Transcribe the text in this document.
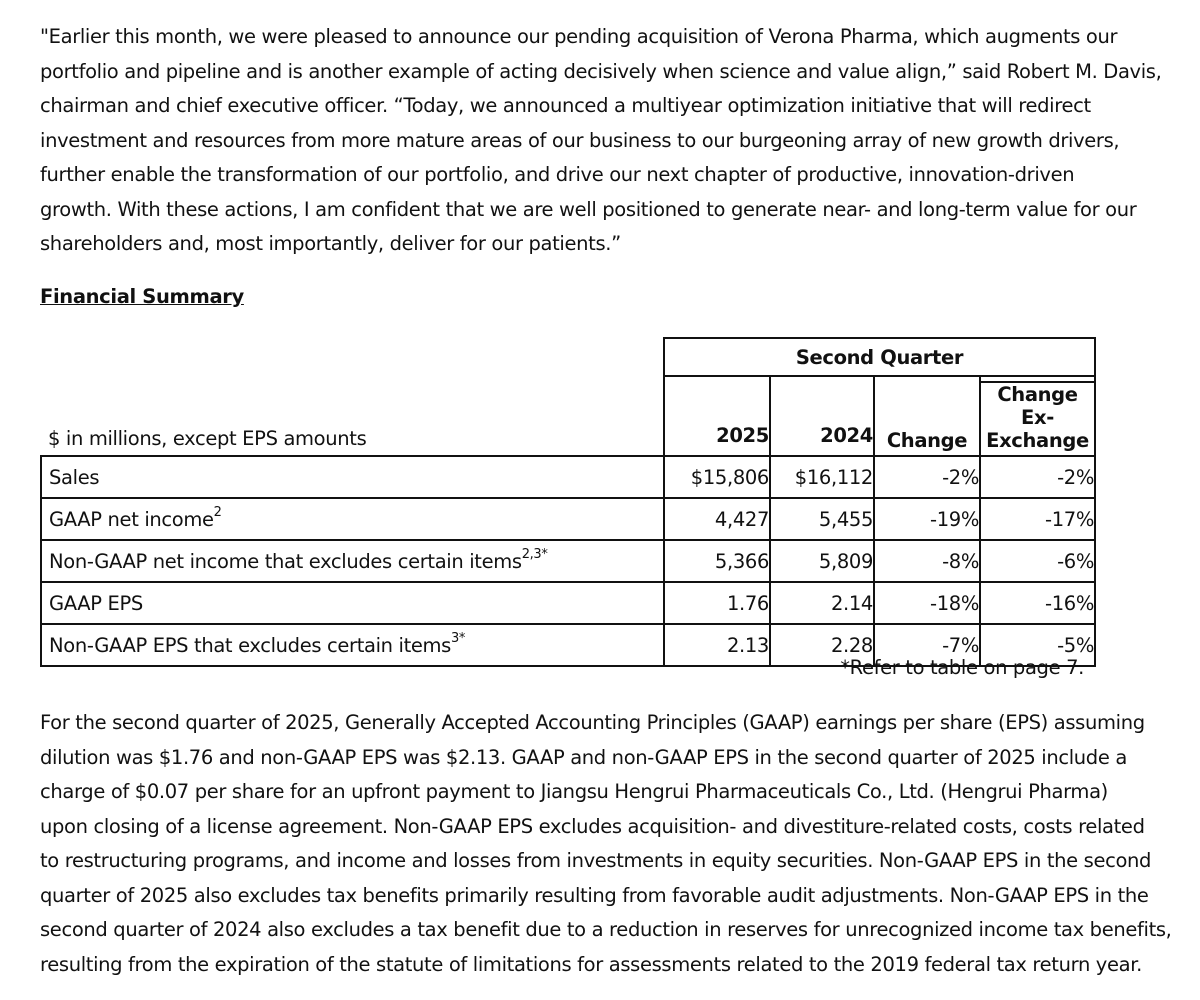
"Earlier this month, we were pleased to announce our pending acquisition of Verona Pharma, which augments our
portfolio and pipeline and is another example of acting decisively when science and value align,” said Robert M. Davis,
chairman and chief executive officer. “Today, we announced a multiyear optimization initiative that will redirect
investment and resources from more mature areas of our business to our burgeoning array of new growth drivers,
further enable the transformation of our portfolio, and drive our next chapter of productive, innovation-driven
growth. With these actions, I am confident that we are well positioned to generate near- and long-term value for our
shareholders and, most importantly, deliver for our patients.”

Financial Summary
	Second Quarter			
$ in millions, except EPS amounts	2025	2024	Change	Change Ex-
Exchange

Sales	$15,806	$16,112	-2%	-2%
GAAP net income$^2$	4,427	5,455	-19%	-17%
Non-GAAP net income that excludes certain items$^{2,3*}$	5,366	5,809	-8%	-6%
GAAP EPS	1.76	2.14	-18%	-16%
Non-GAAP EPS that excludes certain items$^{3*}$	2.13	2.28	-7%	-5%

*Refer to table on page 7.

For the second quarter of 2025, Generally Accepted Accounting Principles (GAAP) earnings per share (EPS) assuming
dilution was $1.76 and non-GAAP EPS was $2.13. GAAP and non-GAAP EPS in the second quarter of 2025 include a
charge of $0.07 per share for an upfront payment to Jiangsu Hengrui Pharmaceuticals Co., Ltd. (Hengrui Pharma)
upon closing of a license agreement. Non-GAAP EPS excludes acquisition- and divestiture-related costs, costs related
to restructuring programs, and income and losses from investments in equity securities. Non-GAAP EPS in the second
quarter of 2025 also excludes tax benefits primarily resulting from favorable audit adjustments. Non-GAAP EPS in the
second quarter of 2024 also excludes a tax benefit due to a reduction in reserves for unrecognized income tax benefits,
resulting from the expiration of the statute of limitations for assessments related to the 2019 federal tax return year.
